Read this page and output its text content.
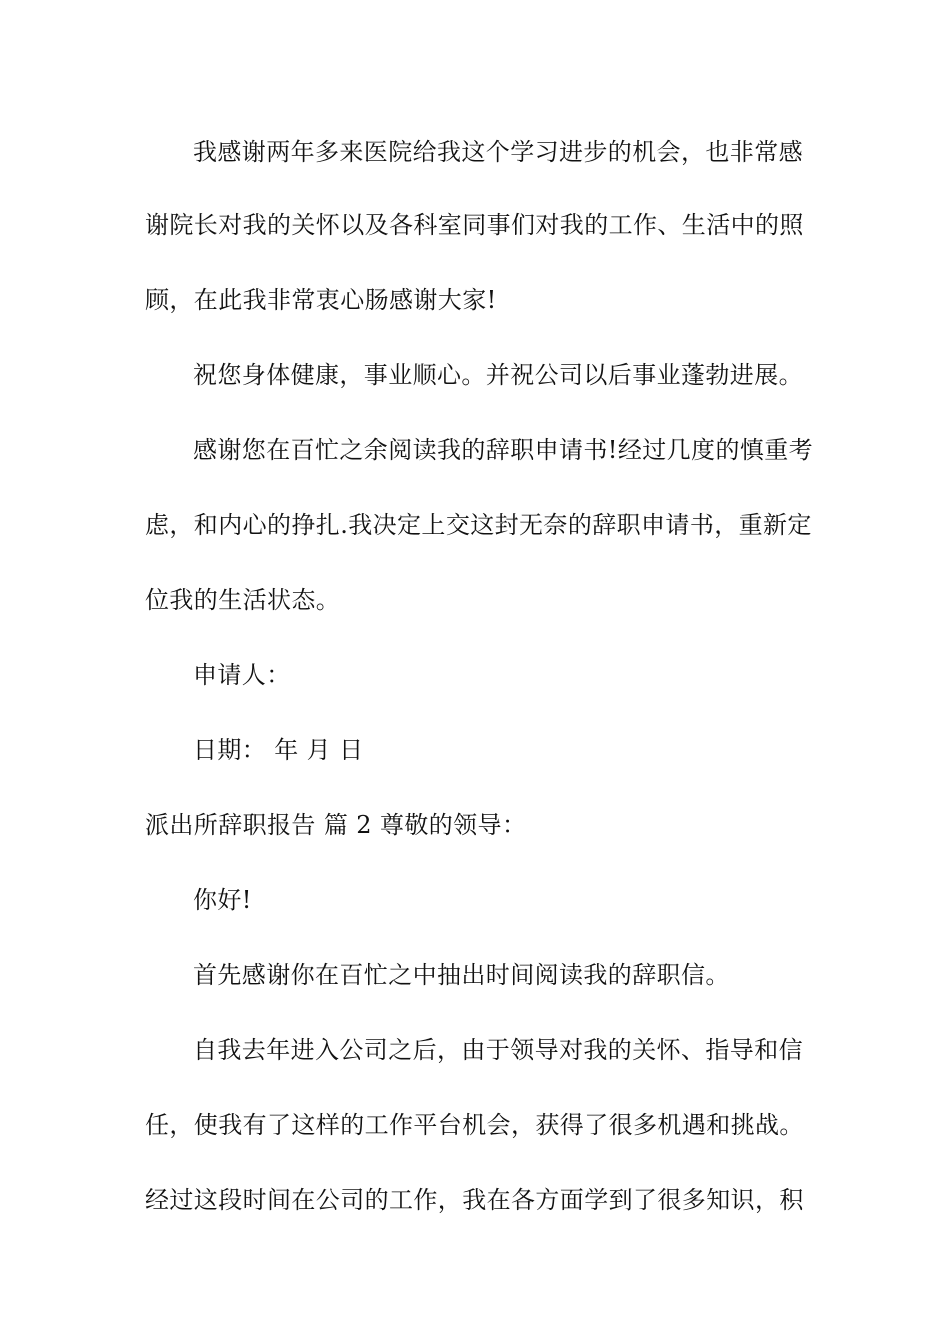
我感谢两年多来医院给我这个学习进步的机会，也非常感
谢院长对我的关怀以及各科室同事们对我的工作、生活中的照
顾，在此我非常衷心肠感谢大家!
祝您身体健康，事业顺心。并祝公司以后事业蓬勃进展。
感谢您在百忙之余阅读我的辞职申请书!经过几度的慎重考
虑，和内心的挣扎.我决定上交这封无奈的辞职申请书，重新定
位我的生活状态。
申请人：
日期： 年 月 日
派出所辞职报告 篇 2 尊敬的领导：
你好!
首先感谢你在百忙之中抽出时间阅读我的辞职信。
自我去年进入公司之后，由于领导对我的关怀、指导和信
任，使我有了这样的工作平台机会，获得了很多机遇和挑战。
经过这段时间在公司的工作，我在各方面学到了很多知识，积
